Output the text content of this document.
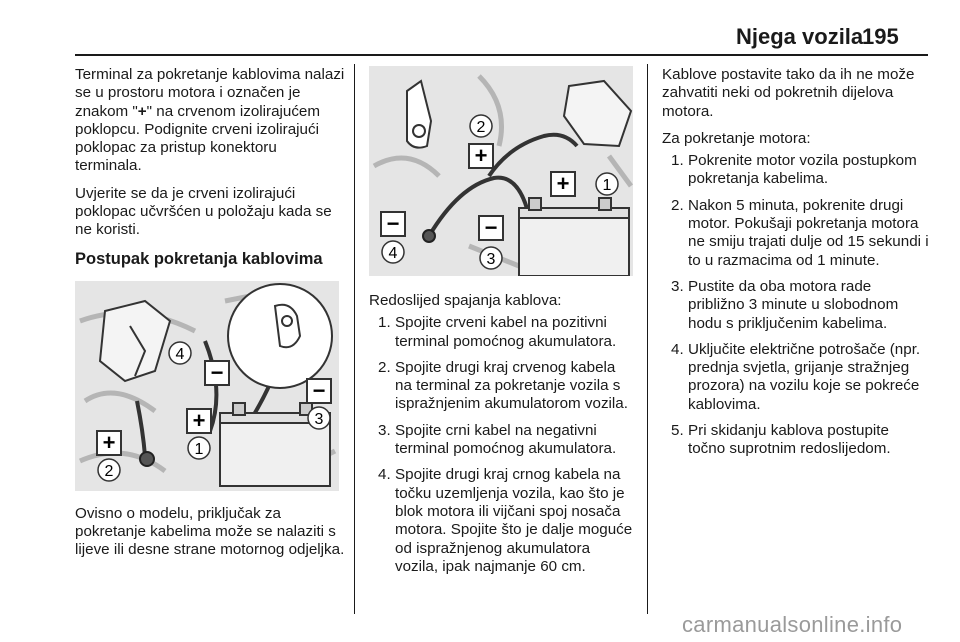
Njega vozila
195

Terminal za pokretanje kablovima nalazi se u prostoru motora i označen je znakom "+" na crvenom izolirajućem poklopcu. Podignite crveni izolirajući poklopac za pristup konektoru terminala.

Uvjerite se da je crveni izolirajući poklopac učvršćen u položaju kada se ne koristi.

Postupak pokretanja kablovima
+
1
+
2
−
3
−
4

Ovisno o modelu, priključak za pokretanje kabelima može se nalaziti s lijeve ili desne strane motornog odjeljka.

−
4
−
3
+
2
+ 1

Redoslijed spajanja kablova:

1. Spojite crveni kabel na pozitivni terminal pomoćnog akumulatora.
2. Spojite drugi kraj crvenog kabela na terminal za pokretanje vozila s ispražnjenim akumulatorom vozila.
3. Spojite crni kabel na negativni terminal pomoćnog akumulatora.
4. Spojite drugi kraj crnog kabela na točku uzemljenja vozila, kao što je blok motora ili vijčani spoj nosača motora. Spojite što je dalje moguće od ispražnjenog akumulatora vozila, ipak najmanje 60 cm.

Kablove postavite tako da ih ne može zahvatiti neki od pokretnih dijelova motora.

Za pokretanje motora:

1. Pokrenite motor vozila postupkom pokretanja kabelima.
2. Nakon 5 minuta, pokrenite drugi motor. Pokušaji pokretanja motora ne smiju trajati dulje od 15 sekundi i to u razmacima od 1 minute.
3. Pustite da oba motora rade približno 3 minute u slobodnom hodu s priključenim kabelima.
4. Uključite električne potrošače (npr. prednja svjetla, grijanje stražnjeg prozora) na vozilu koje se pokreće kablovima.
5. Pri skidanju kablova postupite točno suprotnim redoslijedom.
carmanualsonline.info
